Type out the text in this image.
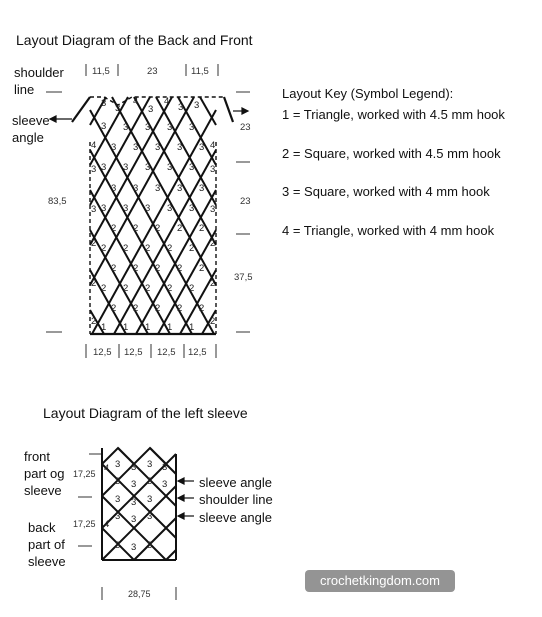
Layout Diagram of the Back and Front
shoulder line
sleeve angle
11,5	23	11,5
83,5
23
23
37,5
12,5 12,5 12,5 12,5
Layout Key (Symbol Legend):
1 = Triangle, worked with 4.5 mm hook
2 = Square, worked with 4.5 mm hook
3 = Square, worked with 4 mm hook
4 = Triangle, worked with 4 mm hook
Layout Diagram of the left sleeve
front part og sleeve
back part of sleeve
sleeve angle
shoulder line
sleeve angle
17,25
17,25
28,75
crochetkingdom.com
3 3
4
3
4
3 3
4	4
3 3 3 3 3
3 3 3 3 3
3 3 3 3 3 3 3
3 3 3 3 3
3 3 3 3 3 3 3
2 2 2 2 2
2 2 2 2 2 2 2
2 2 2 2 2
2 2 2 2 2 2 2
2 2 2 2 2
2	2
1 1 1 1 1
4 3 3 3 3
3 3 3 3
3 3 3
4
3 3 3
3 3 3
